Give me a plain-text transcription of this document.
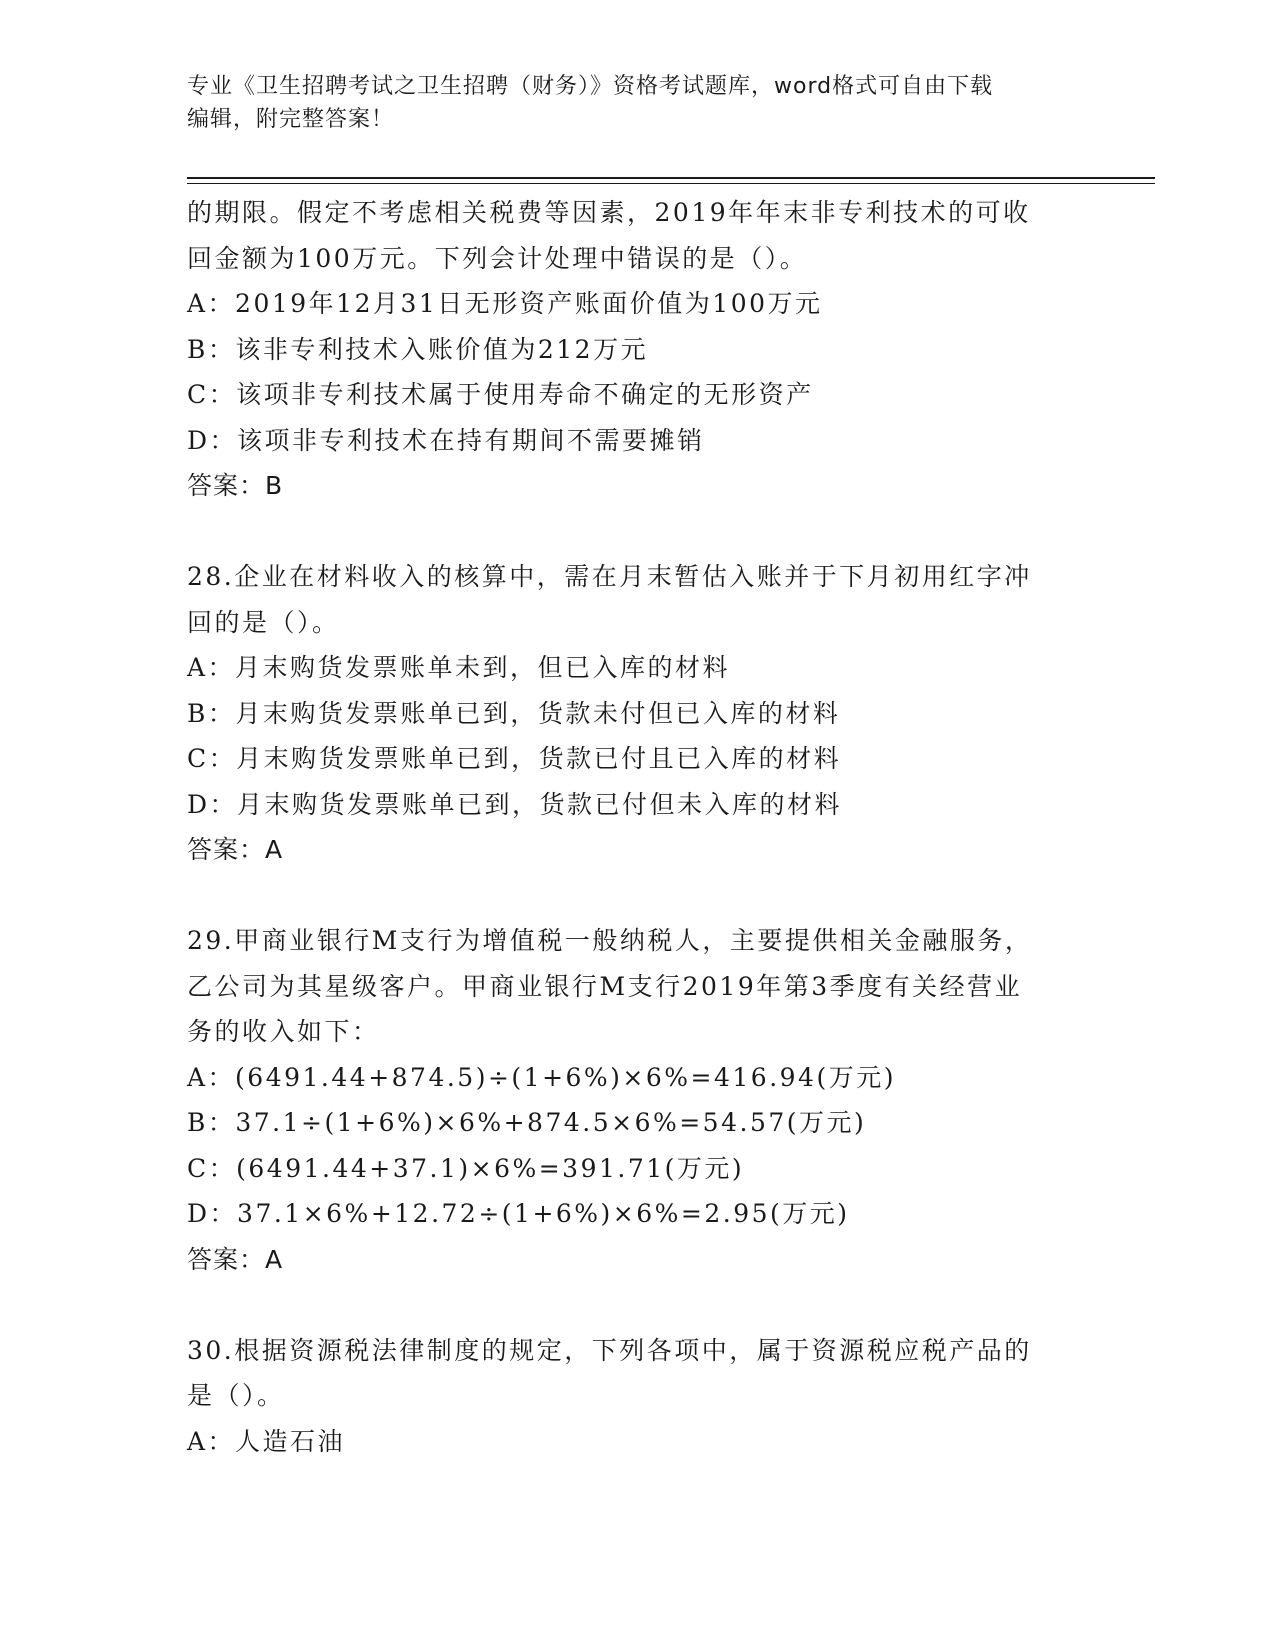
专业《卫生招聘考试之卫生招聘（财务）》资格考试题库，word格式可自由下载
编辑，附完整答案！
的期限。假定不考虑相关税费等因素，2019年年末非专利技术的可收
回金额为100万元。下列会计处理中错误的是（）。
A：2019年12月31日无形资产账面价值为100万元
B：该非专利技术入账价值为212万元
C：该项非专利技术属于使用寿命不确定的无形资产
D：该项非专利技术在持有期间不需要摊销
答案：B
28.企业在材料收入的核算中，需在月末暂估入账并于下月初用红字冲
回的是（）。
A：月末购货发票账单未到，但已入库的材料
B：月末购货发票账单已到，货款未付但已入库的材料
C：月末购货发票账单已到，货款已付且已入库的材料
D：月末购货发票账单已到，货款已付但未入库的材料
答案：A
29.甲商业银行M支行为增值税一般纳税人，主要提供相关金融服务，
乙公司为其星级客户。甲商业银行M支行2019年第3季度有关经营业
务的收入如下：
A：(6491.44+874.5)÷(1+6%)×6%=416.94(万元)
B：37.1÷(1+6%)×6%+874.5×6%=54.57(万元)
C：(6491.44+37.1)×6%=391.71(万元)
D：37.1×6%+12.72÷(1+6%)×6%=2.95(万元)
答案：A
30.根据资源税法律制度的规定，下列各项中，属于资源税应税产品的
是（）。
A：人造石油
